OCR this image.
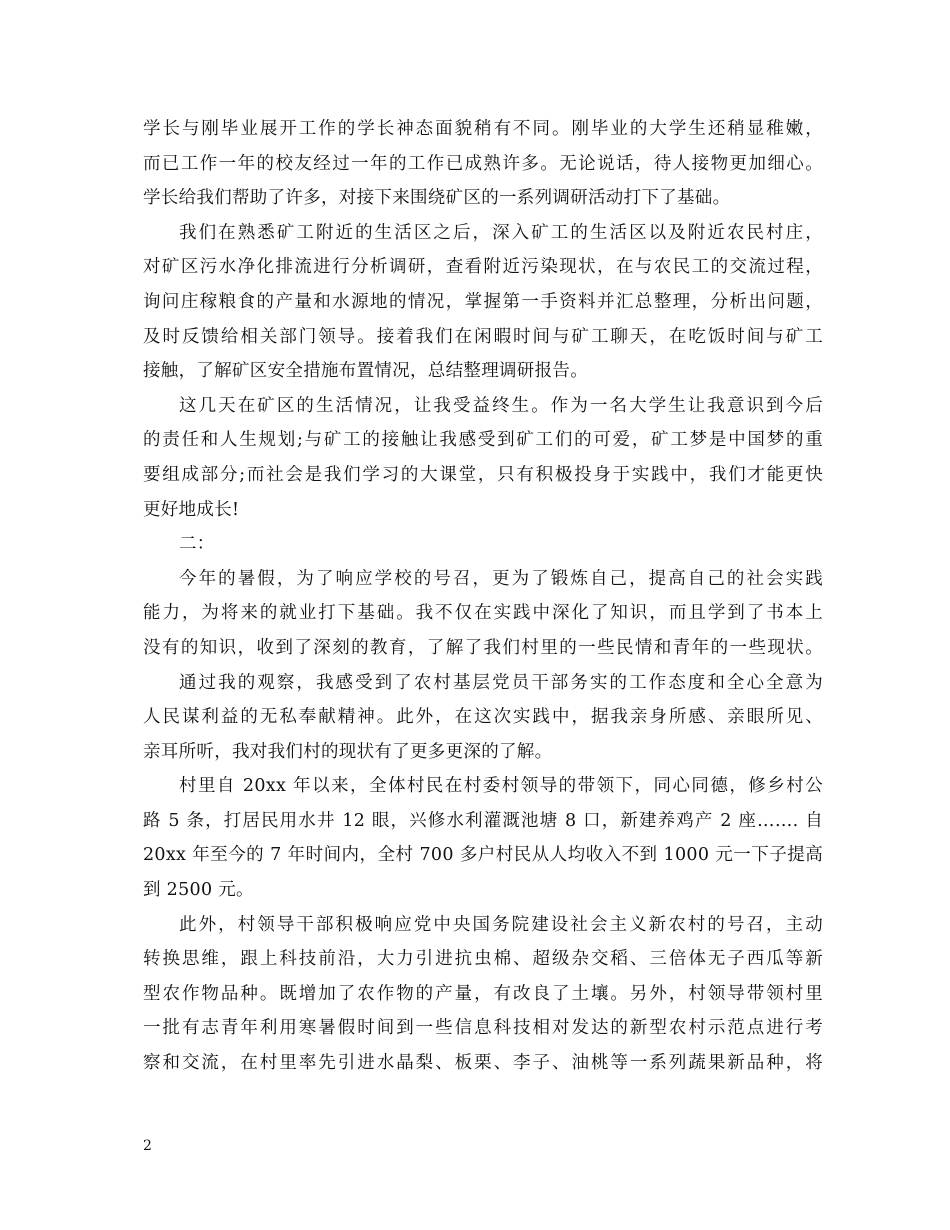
学长与刚毕业展开工作的学长神态面貌稍有不同。刚毕业的大学生还稍显稚嫩，
而已工作一年的校友经过一年的工作已成熟许多。无论说话，待人接物更加细心。
学长给我们帮助了许多，对接下来围绕矿区的一系列调研活动打下了基础。
我们在熟悉矿工附近的生活区之后，深入矿工的生活区以及附近农民村庄，
对矿区污水净化排流进行分析调研，查看附近污染现状，在与农民工的交流过程，
询问庄稼粮食的产量和水源地的情况，掌握第一手资料并汇总整理，分析出问题，
及时反馈给相关部门领导。接着我们在闲暇时间与矿工聊天，在吃饭时间与矿工
接触，了解矿区安全措施布置情况，总结整理调研报告。
这几天在矿区的生活情况，让我受益终生。作为一名大学生让我意识到今后
的责任和人生规划;与矿工的接触让我感受到矿工们的可爱，矿工梦是中国梦的重
要组成部分;而社会是我们学习的大课堂，只有积极投身于实践中，我们才能更快
更好地成长!
二：
今年的暑假，为了响应学校的号召，更为了锻炼自己，提高自己的社会实践
能力，为将来的就业打下基础。我不仅在实践中深化了知识，而且学到了书本上
没有的知识，收到了深刻的教育，了解了我们村里的一些民情和青年的一些现状。
通过我的观察，我感受到了农村基层党员干部务实的工作态度和全心全意为
人民谋利益的无私奉献精神。此外，在这次实践中，据我亲身所感、亲眼所见、
亲耳所听，我对我们村的现状有了更多更深的了解。
村里自 20xx 年以来，全体村民在村委村领导的带领下，同心同德，修乡村公
路 5 条，打居民用水井 12 眼，兴修水利灌溉池塘 8 口，新建养鸡产 2 座……. 自
20xx 年至今的 7 年时间内，全村 700 多户村民从人均收入不到 1000 元一下子提高
到 2500 元。
此外，村领导干部积极响应党中央国务院建设社会主义新农村的号召，主动
转换思维，跟上科技前沿，大力引进抗虫棉、超级杂交稻、三倍体无子西瓜等新
型农作物品种。既增加了农作物的产量，有改良了土壤。另外，村领导带领村里
一批有志青年利用寒暑假时间到一些信息科技相对发达的新型农村示范点进行考
察和交流，在村里率先引进水晶梨、板栗、李子、油桃等一系列蔬果新品种，将
2
